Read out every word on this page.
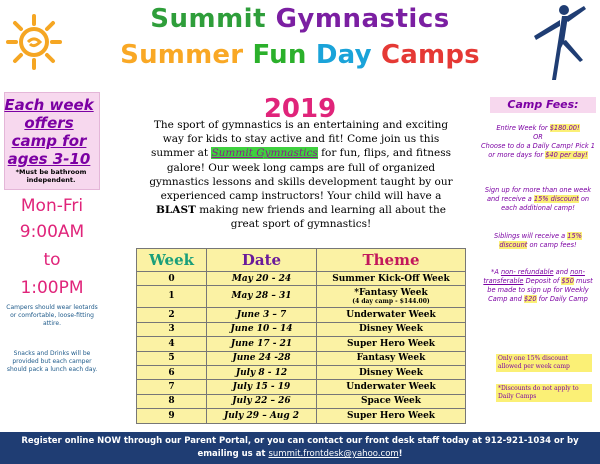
Summit Gymnastics
Summer Fun Day Camps
Each week offers camp for ages 3-10
*Must be bathroom independent.
Mon-Fri
9:00AM
to
1:00PM
Campers should wear leotards or comfortable, loose-fitting attire.
Snacks and Drinks will be provided but each camper should pack a lunch each day.
2019
The sport of gymnastics is an entertaining and exciting way for kids to stay active and fit! Come join us this summer at Summit Gymnastics for fun, flips, and fitness galore! Our week long camps are full of organized gymnastics lessons and skills development taught by our experienced camp instructors! Your child will have a BLAST making new friends and learning all about the great sport of gymnastics!
Week	Date	Theme
0	May 20 - 24	Summer Kick-Off Week
1	May 28 – 31	*Fantasy Week
(4 day camp - $144.00)

2	June 3 – 7	Underwater Week
3	June 10 – 14	Disney Week
4	June 17 - 21	Super Hero Week
5	June 24 -28	Fantasy Week
6	July 8 - 12	Disney Week
7	July 15 - 19	Underwater Week
8	July 22 – 26	Space Week
9	July 29 – Aug 2	Super Hero Week
Camp Fees:
Entire Week for $180.00!
OR
Choose to do a Daily Camp! Pick 1 or more days for $40 per day!
Sign up for more than one week and receive a 15% discount on each additional camp!
Siblings will receive a 15% discount on camp fees!
*A non- refundable and non-transferable Deposit of $50 must be made to sign up for Weekly Camp and $20 for Daily Camp
Only one 15% discount allowed per week camp
*Discounts do not apply to Daily Camps
Register online NOW through our Parent Portal, or you can contact our front desk staff today at 912-921-1034 or by
emailing us at summit.frontdesk@yahoo.com!
